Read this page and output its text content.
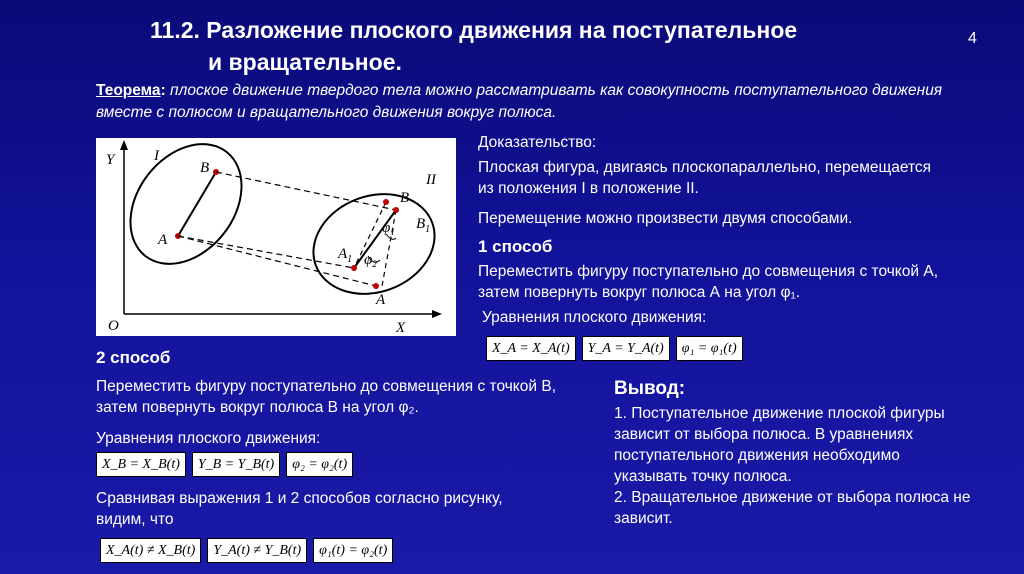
11.2. Разложение плоского движения на поступательное
и вращательное.
4
Теорема: плоское движение твердого тела можно рассматривать как совокупность поступательного движения вместе с полюсом и вращательного движения вокруг полюса.
Y
X
O
I
II
B
A
B
$B_1$
$A_1$
A
$\varphi_1$
$\varphi_2$
Доказательство:
Плоская фигура, двигаясь плоскопараллельно, перемещается из положения I в положение II.
Перемещение можно произвести двумя способами.
1 способ
Переместить фигуру поступательно до совмещения с точкой А, затем повернуть вокруг полюса А на угол φ₁.
Уравнения плоского движения:
X_A = X_A(t)	Y_A = Y_A(t)	φ₁ = φ₁(t)
2 способ
Переместить фигуру поступательно до совмещения с точкой В, затем повернуть вокруг полюса В на угол φ₂.
Уравнения плоского движения:
X_B = X_B(t)	Y_B = Y_B(t)	φ₂ = φ₂(t)
Сравнивая выражения 1 и 2 способов согласно рисунку, видим, что
X_A(t) ≠ X_B(t)	Y_A(t) ≠ Y_B(t)	φ₁(t) = φ₂(t)
Вывод:
1. Поступательное движение плоской фигуры зависит от выбора полюса. В уравнениях поступательного движения необходимо указывать точку полюса.
2. Вращательное движение от выбора полюса не зависит.
